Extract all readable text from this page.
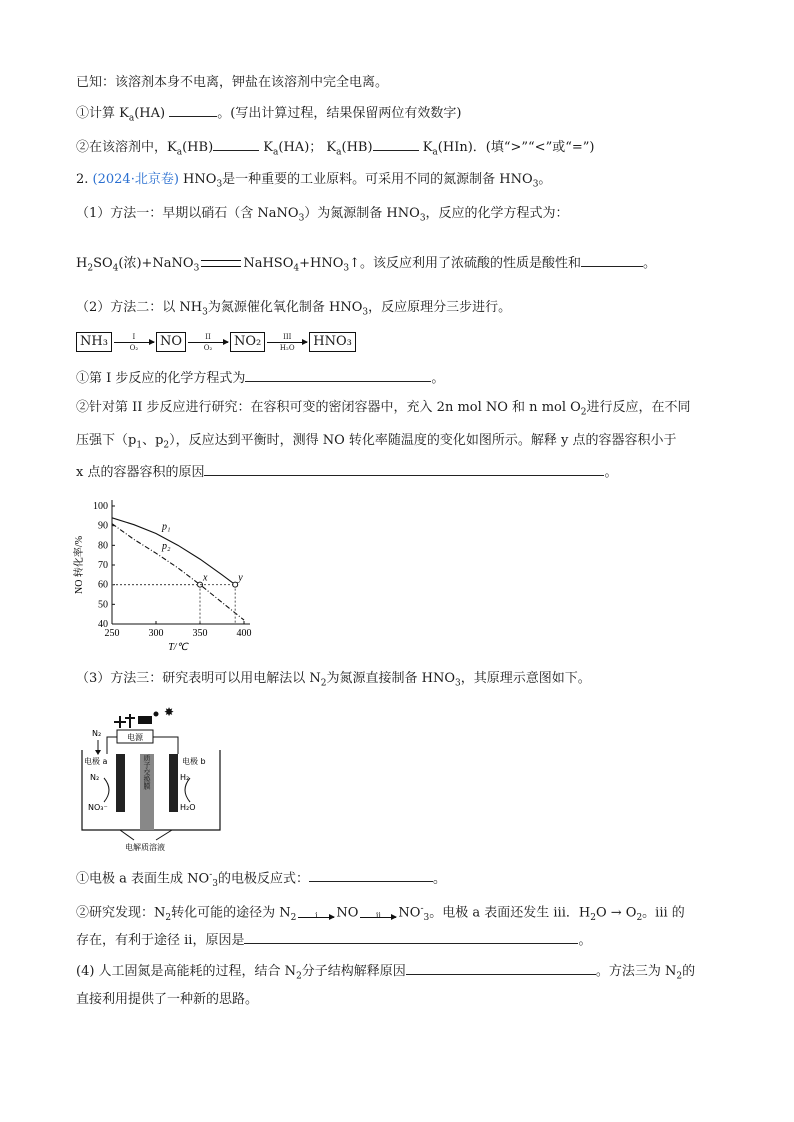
已知：该溶剂本身不电离，钾盐在该溶剂中完全电离。
①计算 $K_a(HA)$	。(写出计算过程，结果保留两位有效数字)
②在该溶剂中，$K_a(HB)$	$K_a(HA)$； $K_a(HB)$	$K_a(HIn)$．(填“>”“<”或“=”)
2. (2024·北京卷) $HNO_3$是一种重要的工业原料。可采用不同的氮源制备 $HNO_3$。
（1）方法一：早期以硝石（含 NaNO$_3$）为氮源制备 $HNO_3$，反应的化学方程式为：
$H_2SO_4$(浓)+NaNO$_3$	$NaHSO_4+HNO_3↑$。该反应利用了浓硫酸的性质是酸性和	。
（2）方法二：以 $NH_3$为氮源催化氧化制备 $HNO_3$，反应原理分三步进行。
NH₃	I
O₂	NO	II
O₂	NO₂	III
H₂O	HNO₃
①第 I 步反应的化学方程式为	。
②针对第 II 步反应进行研究：在容积可变的密闭容器中，充入 2n mol NO 和 n mol $O_2$进行反应，在不同
压强下（$p_1$、$p_2$），反应达到平衡时，测得 NO 转化率随温度的变化如图所示。解释 y 点的容器容积小于
x 点的容器容积的原因	。
40
50
60
70
80
90
100
250	300	350	400
T/℃
NO 转化率/%
p₁
p₂
x	y
（3）方法三：研究表明可以用电解法以 $N_2$为氮源直接制备 $HNO_3$，其原理示意图如下。
✸
电源
N₂
电极 a	电极 b
质子交换膜
N₂
NO₃⁻
H₂
H₂O
电解质溶液
①电极 a 表面生成 $NO^-_3$的电极反应式：	。
②研究发现：$N_2$转化可能的途径为 $N_2$	i	NO	ii	$NO^-_3$。电极 a 表面还发生 iii．$H_2O \to O_2$。iii 的
存在，有利于途径 ii，原因是	。
(4) 人工固氮是高能耗的过程，结合 $N_2$分子结构解释原因	。方法三为 $N_2$的
直接利用提供了一种新的思路。
